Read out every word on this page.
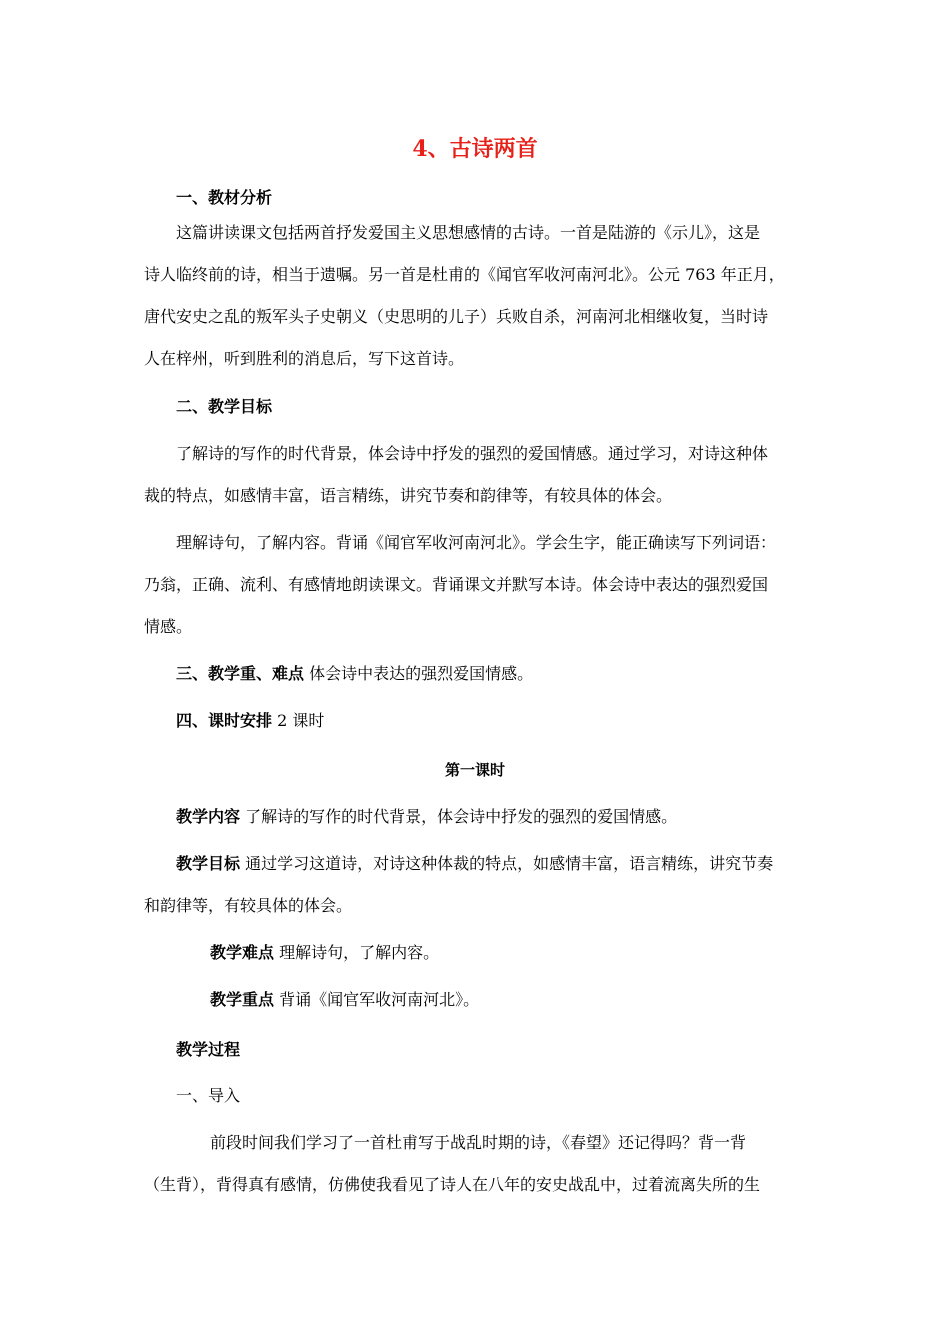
4、古诗两首
一、教材分析
这篇讲读课文包括两首抒发爱国主义思想感情的古诗。一首是陆游的《示儿》，这是
诗人临终前的诗，相当于遗嘱。另一首是杜甫的《闻官军收河南河北》。公元 763 年正月，
唐代安史之乱的叛军头子史朝义（史思明的儿子）兵败自杀，河南河北相继收复，当时诗
人在梓州，听到胜利的消息后，写下这首诗。
二、教学目标
了解诗的写作的时代背景，体会诗中抒发的强烈的爱国情感。通过学习，对诗这种体
裁的特点，如感情丰富，语言精练，讲究节奏和韵律等，有较具体的体会。
理解诗句，了解内容。背诵《闻官军收河南河北》。学会生字，能正确读写下列词语：
乃翁，正确、流利、有感情地朗读课文。背诵课文并默写本诗。体会诗中表达的强烈爱国
情感。
三、教学重、难点 体会诗中表达的强烈爱国情感。
四、课时安排 2 课时
第一课时
教学内容 了解诗的写作的时代背景，体会诗中抒发的强烈的爱国情感。
教学目标 通过学习这道诗，对诗这种体裁的特点，如感情丰富，语言精练，讲究节奏
和韵律等，有较具体的体会。
教学难点 理解诗句，了解内容。
教学重点 背诵《闻官军收河南河北》。
教学过程
一、导入
前段时间我们学习了一首杜甫写于战乱时期的诗，《春望》还记得吗？背一背
（生背），背得真有感情，仿佛使我看见了诗人在八年的安史战乱中，过着流离失所的生
